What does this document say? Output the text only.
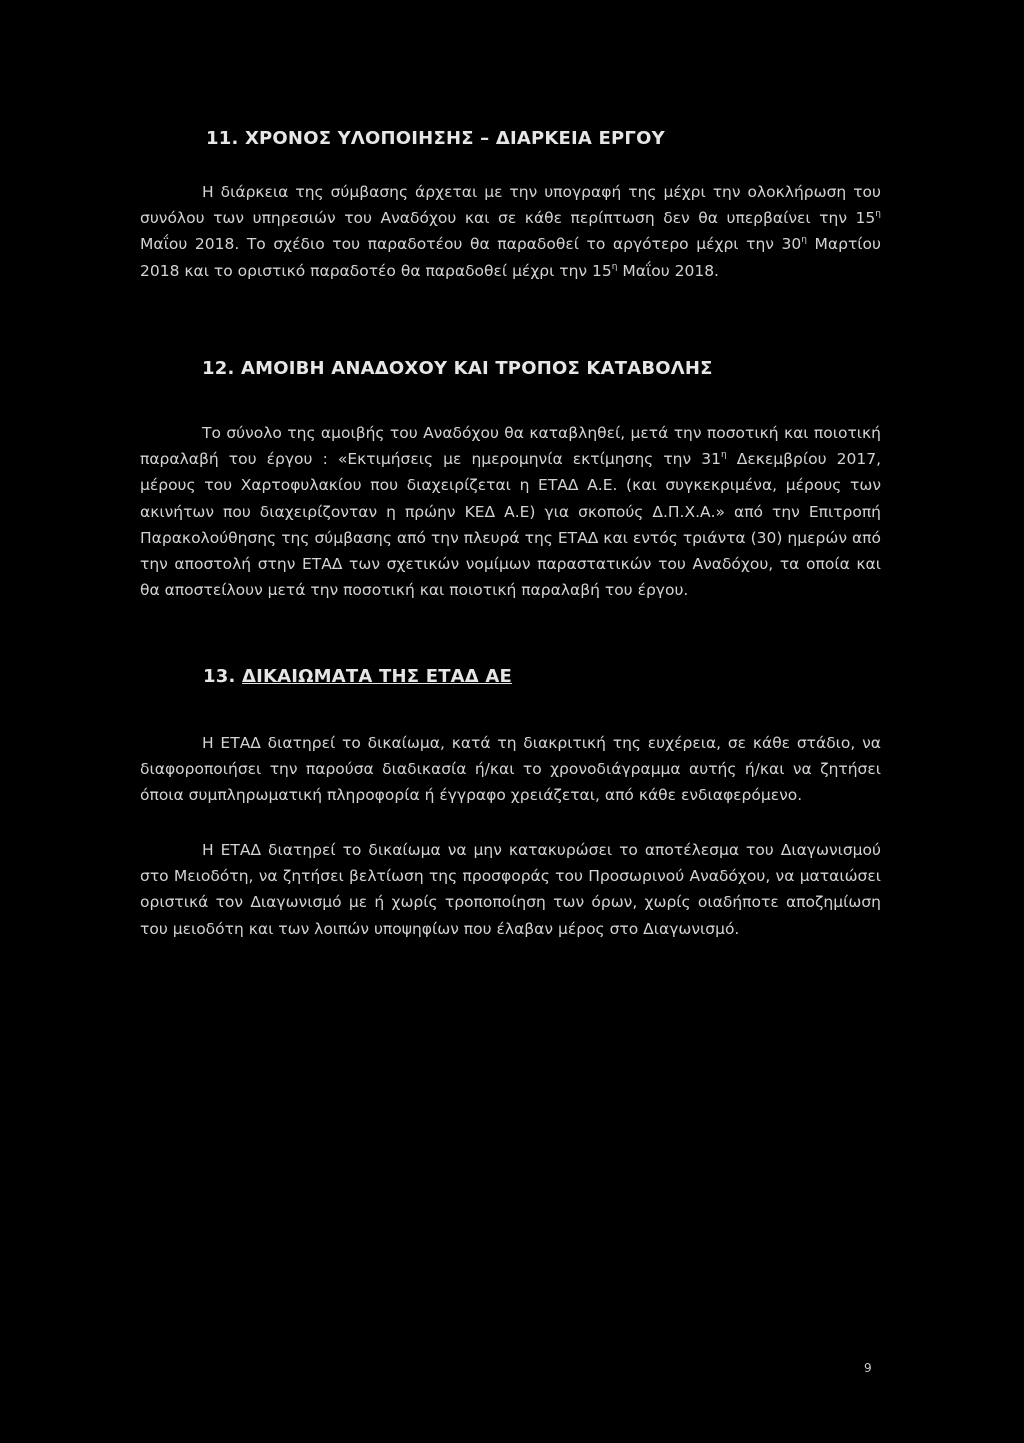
11. ΧΡΟΝΟΣ ΥΛΟΠΟΙΗΣΗΣ – ΔΙΑΡΚΕΙΑ ΕΡΓΟΥ

Η διάρκεια της σύμβασης άρχεται με την υπογραφή της μέχρι την ολοκλήρωση του συνόλου των υπηρεσιών του Αναδόχου και σε κάθε περίπτωση δεν θα υπερβαίνει την $15^\eta$ Μαΐου 2018. Το σχέδιο του παραδοτέου θα παραδοθεί το αργότερο μέχρι την $30^\eta$ Μαρτίου 2018 και το οριστικό παραδοτέο θα παραδοθεί μέχρι την $15^\eta$ Μαΐου 2018.

12. ΑΜΟΙΒΗ ΑΝΑΔΟΧΟΥ ΚΑΙ ΤΡΟΠΟΣ ΚΑΤΑΒΟΛΗΣ

Το σύνολο της αμοιβής του Αναδόχου θα καταβληθεί, μετά την ποσοτική και ποιοτική παραλαβή του έργου : «Εκτιμήσεις με ημερομηνία εκτίμησης την $31^\eta$ Δεκεμβρίου 2017, μέρους του Χαρτοφυλακίου που διαχειρίζεται η ΕΤΑΔ Α.Ε. (και συγκεκριμένα, μέρους των ακινήτων που διαχειρίζονταν η πρώην ΚΕΔ Α.Ε) για σκοπούς Δ.Π.Χ.Α.» από την Επιτροπή Παρακολούθησης της σύμβασης από την πλευρά της ΕΤΑΔ και εντός τριάντα (30) ημερών από την αποστολή στην ΕΤΑΔ των σχετικών νομίμων παραστατικών του Αναδόχου, τα οποία και θα αποστείλουν μετά την ποσοτική και ποιοτική παραλαβή του έργου.

13. ΔΙΚΑΙΩΜΑΤΑ ΤΗΣ ΕΤΑΔ ΑΕ

Η ΕΤΑΔ διατηρεί το δικαίωμα, κατά τη διακριτική της ευχέρεια, σε κάθε στάδιο, να διαφοροποιήσει την παρούσα διαδικασία ή/και το χρονοδιάγραμμα αυτής ή/και να ζητήσει όποια συμπληρωματική πληροφορία ή έγγραφο χρειάζεται, από κάθε ενδιαφερόμενο.

Η ΕΤΑΔ διατηρεί το δικαίωμα να μην κατακυρώσει το αποτέλεσμα του Διαγωνισμού στο Μειοδότη, να ζητήσει βελτίωση της προσφοράς του Προσωρινού Αναδόχου, να ματαιώσει οριστικά τον Διαγωνισμό με ή χωρίς τροποποίηση των όρων, χωρίς οιαδήποτε αποζημίωση του μειοδότη και των λοιπών υποψηφίων που έλαβαν μέρος στο Διαγωνισμό.

9
